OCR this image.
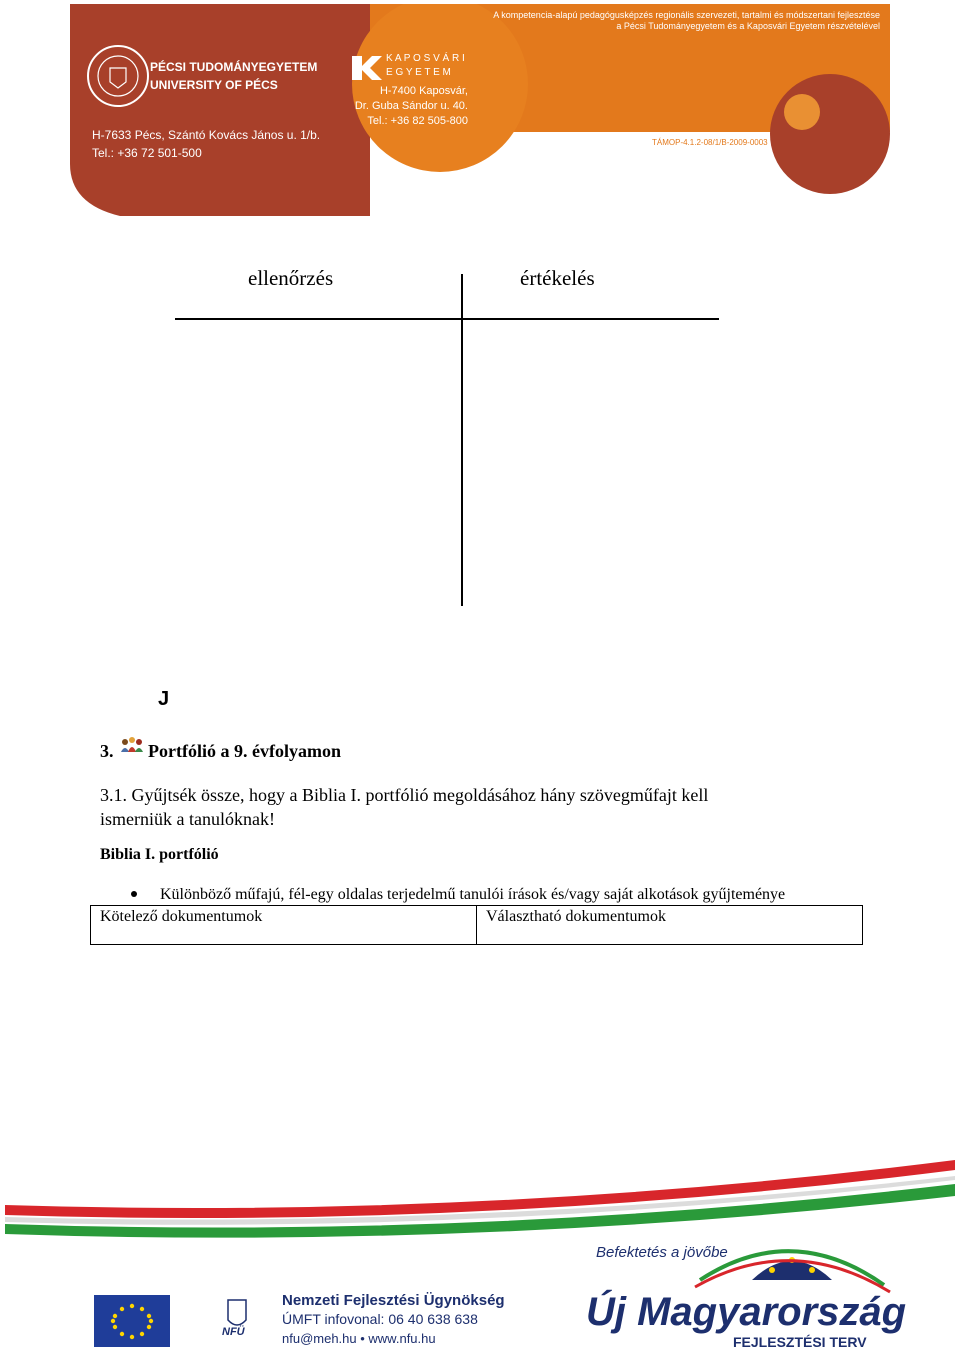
A kompetencia-alapú pedagógusképzés regionális szervezeti, tartalmi és módszertani fejlesztése
a Pécsi Tudományegyetem és a Kaposvári Egyetem részvételével
PÉCSI TUDOMÁNYEGYETEM
UNIVERSITY OF PÉCS
H-7633 Pécs, Szántó Kovács János u. 1/b.
Tel.: +36 72 501-500
K A P O S V Á R I
E G Y E T E M
H-7400 Kaposvár,
Dr. Guba Sándor u. 40.
Tel.: +36 82 505-800
TÁMOP-4.1.2-08/1/B-2009-0003
ellenőrzés	értékelés
J
3. Portfólió a 9. évfolyamon
3.1. Gyűjtsék össze, hogy a Biblia I. portfólió megoldásához hány szövegműfajt kell
ismerniük a tanulóknak!
Biblia I. portfólió
Különböző műfajú, fél-egy oldalas terjedelmű tanulói írások és/vagy saját alkotások gyűjteménye
Kötelező dokumentumok	Választható dokumentumok
NFÜ
Nemzeti Fejlesztési Ügynökség
ÚMFT infovonal: 06 40 638 638
nfu@meh.hu • www.nfu.hu
Befektetés a jövőbe
Új Magyarország
FEJLESZTÉSI TERV
